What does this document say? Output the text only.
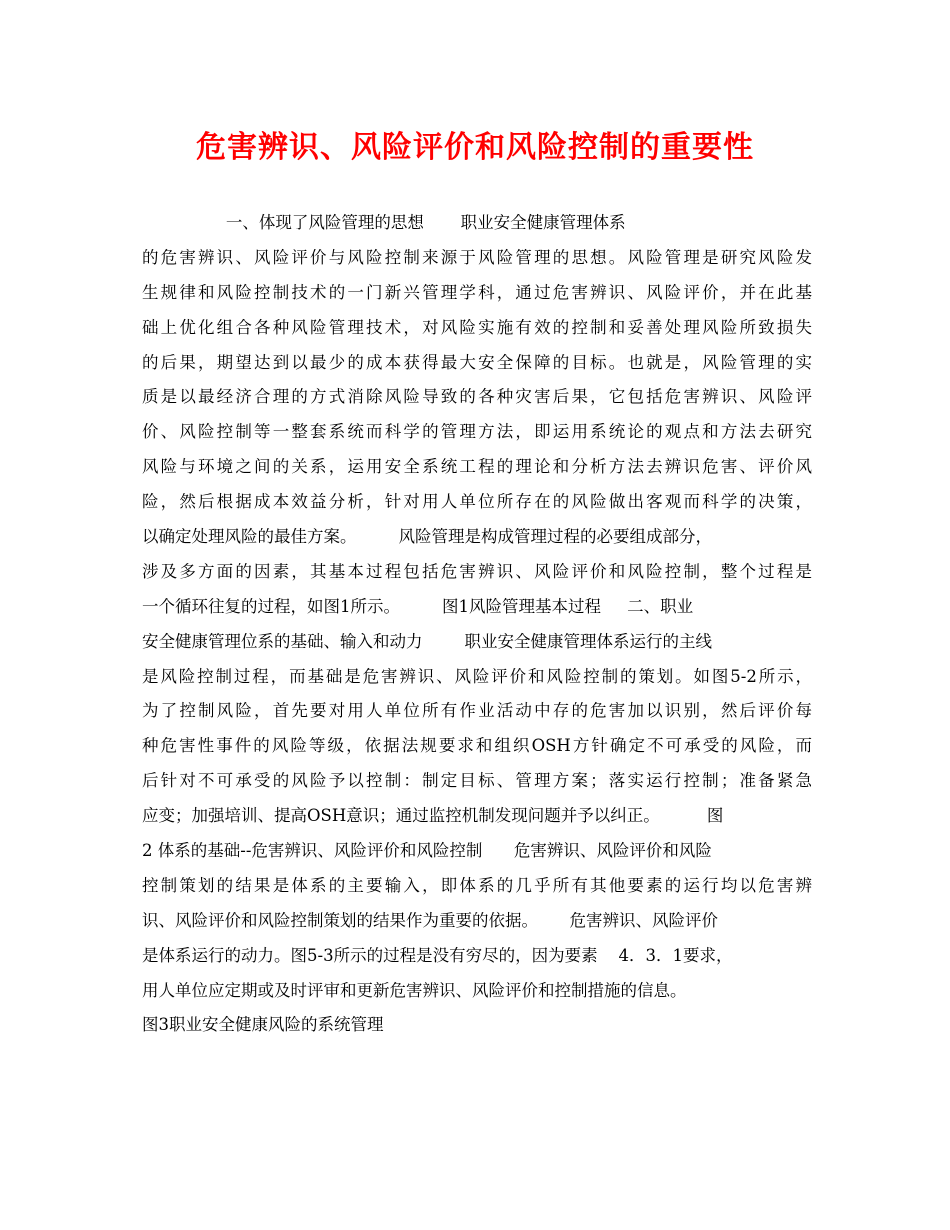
危害辨识、风险评价和风险控制的重要性
一、体现了风险管理的思想       职业安全健康管理体系
的危害辨识、风险评价与风险控制来源于风险管理的思想。风险管理是研究风险发
生规律和风险控制技术的一门新兴管理学科，通过危害辨识、风险评价，并在此基
础上优化组合各种风险管理技术，对风险实施有效的控制和妥善处理风险所致损失
的后果，期望达到以最少的成本获得最大安全保障的目标。也就是，风险管理的实
质是以最经济合理的方式消除风险导致的各种灾害后果，它包括危害辨识、风险评
价、风险控制等一整套系统而科学的管理方法，即运用系统论的观点和方法去研究
风险与环境之间的关系，运用安全系统工程的理论和分析方法去辨识危害、评价风
险，然后根据成本效益分析，针对用人单位所存在的风险做出客观而科学的决策，
以确定处理风险的最佳方案。        风险管理是构成管理过程的必要组成部分，
涉及多方面的因素，其基本过程包括危害辨识、风险评价和风险控制，整个过程是
一个循环往复的过程，如图1所示。        图1风险管理基本过程     二、职业
安全健康管理位系的基础、输入和动力        职业安全健康管理体系运行的主线
是风险控制过程，而基础是危害辨识、风险评价和风险控制的策划。如图5-2所示，
为了控制风险，首先要对用人单位所有作业活动中存的危害加以识别，然后评价每
种危害性事件的风险等级，依据法规要求和组织OSH方针确定不可承受的风险，而
后针对不可承受的风险予以控制：制定目标、管理方案；落实运行控制；准备紧急
应变；加强培训、提高OSH意识；通过监控机制发现问题并予以纠正。         图
2 体系的基础--危害辨识、风险评价和风险控制      危害辨识、风险评价和风险
控制策划的结果是体系的主要输入，即体系的几乎所有其他要素的运行均以危害辨
识、风险评价和风险控制策划的结果作为重要的依据。      危害辨识、风险评价
是体系运行的动力。图5-3所示的过程是没有穷尽的，因为要素    4．3．1要求，
用人单位应定期或及时评审和更新危害辨识、风险评价和控制措施的信息。
图3职业安全健康风险的系统管理
